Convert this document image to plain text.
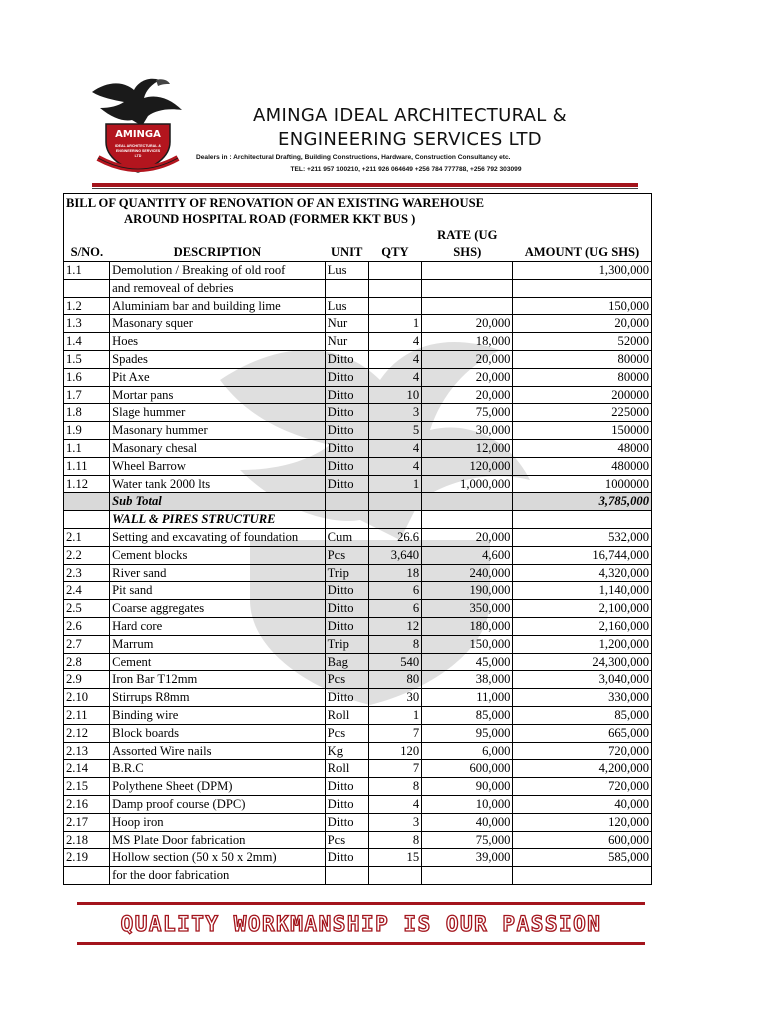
AMINGA
IDEAL ARCHITECTURAL &
ENGINEERING SERVICES
LTD
AMINGA IDEAL ARCHITECTURAL & ENGINEERING SERVICES LTD
Dealers in : Architectural Drafting, Building Constructions, Hardware, Construction Consultancy etc.
TEL: +211 957 100210, +211 926 064649 +256 784 777788, +256 792 303099
BILL OF QUANTITY OF RENOVATION OF AN EXISTING WAREHOUSE
AROUND HOSPITAL ROAD (FORMER KKT BUS )					

S/NO.	DESCRIPTION	UNIT	QTY	RATE (UG SHS)	AMOUNT (UG SHS)
1.1	Demolution / Breaking of old roof	Lus			1,300,000
	and removeal of debries				
1.2	Aluminiam bar and building lime	Lus			150,000
1.3	Masonary squer	Nur	1	20,000	20,000
1.4	Hoes	Nur	4	18,000	52000
1.5	Spades	Ditto	4	20,000	80000
1.6	Pit Axe	Ditto	4	20,000	80000
1.7	Mortar pans	Ditto	10	20,000	200000
1.8	Slage hummer	Ditto	3	75,000	225000
1.9	Masonary hummer	Ditto	5	30,000	150000
1.1	Masonary chesal	Ditto	4	12,000	48000
1.11	Wheel Barrow	Ditto	4	120,000	480000
1.12	Water tank 2000 lts	Ditto	1	1,000,000	1000000
	Sub Total				3,785,000
	WALL & PIRES STRUCTURE				
2.1	Setting and excavating of foundation	Cum	26.6	20,000	532,000
2.2	Cement blocks	Pcs	3,640	4,600	16,744,000
2.3	River sand	Trip	18	240,000	4,320,000
2.4	Pit sand	Ditto	6	190,000	1,140,000
2.5	Coarse aggregates	Ditto	6	350,000	2,100,000
2.6	Hard core	Ditto	12	180,000	2,160,000
2.7	Marrum	Trip	8	150,000	1,200,000
2.8	Cement	Bag	540	45,000	24,300,000
2.9	Iron Bar T12mm	Pcs	80	38,000	3,040,000
2.10	Stirrups R8mm	Ditto	30	11,000	330,000
2.11	Binding wire	Roll	1	85,000	85,000
2.12	Block boards	Pcs	7	95,000	665,000
2.13	Assorted Wire nails	Kg	120	6,000	720,000
2.14	B.R.C	Roll	7	600,000	4,200,000
2.15	Polythene Sheet (DPM)	Ditto	8	90,000	720,000
2.16	Damp proof course (DPC)	Ditto	4	10,000	40,000
2.17	Hoop iron	Ditto	3	40,000	120,000
2.18	MS Plate Door fabrication	Pcs	8	75,000	600,000
2.19	Hollow section (50 x 50 x 2mm)	Ditto	15	39,000	585,000
	for the door fabrication				
QUALITY WORKMANSHIP IS OUR PASSION
